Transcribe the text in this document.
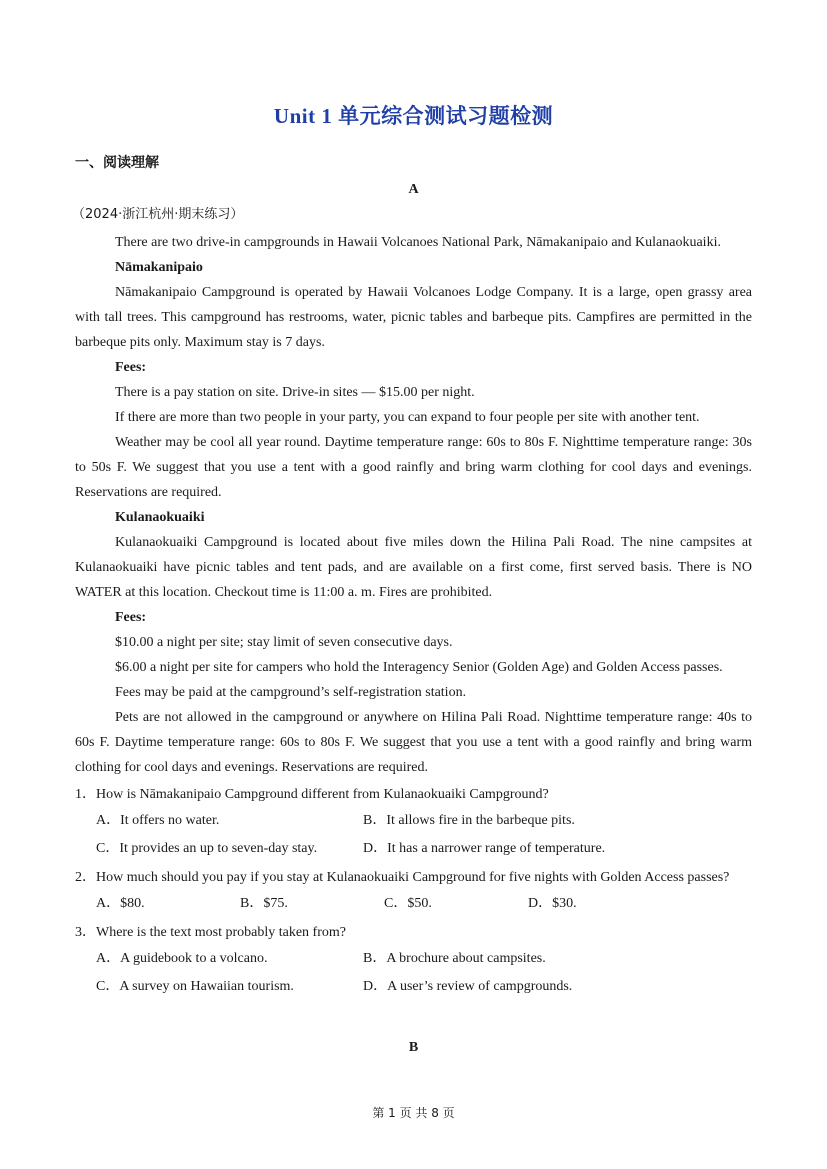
Unit 1 单元综合测试习题检测
一、阅读理解
A
（2024·浙江杭州·期末练习）

There are two drive-in campgrounds in Hawaii Volcanoes National Park, Nāmakanipaio and Kulanaokuaiki.

Nāmakanipaio

Nāmakanipaio Campground is operated by Hawaii Volcanoes Lodge Company. It is a large, open grassy area with tall trees. This campground has restrooms, water, picnic tables and barbeque pits. Campfires are permitted in the barbeque pits only. Maximum stay is 7 days.

Fees:

There is a pay station on site. Drive-in sites — $15.00 per night.

If there are more than two people in your party, you can expand to four people per site with another tent.

Weather may be cool all year round. Daytime temperature range: 60s to 80s F. Nighttime temperature range: 30s to 50s F. We suggest that you use a tent with a good rainfly and bring warm clothing for cool days and evenings. Reservations are required.

Kulanaokuaiki

Kulanaokuaiki Campground is located about five miles down the Hilina Pali Road. The nine campsites at Kulanaokuaiki have picnic tables and tent pads, and are available on a first come, first served basis. There is NO WATER at this location. Checkout time is 11:00 a. m. Fires are prohibited.

Fees:

$10.00 a night per site; stay limit of seven consecutive days.

$6.00 a night per site for campers who hold the Interagency Senior (Golden Age) and Golden Access passes.

Fees may be paid at the campground’s self-registration station.

Pets are not allowed in the campground or anywhere on Hilina Pali Road. Nighttime temperature range: 40s to 60s F. Daytime temperature range: 60s to 80s F. We suggest that you use a tent with a good rainfly and bring warm clothing for cool days and evenings. Reservations are required.

1．How is Nāmakanipaio Campground different from Kulanaokuaiki Campground?
A．It offers no water.	B．It allows fire in the barbeque pits.
C．It provides an up to seven-day stay.	D．It has a narrower range of temperature.
2．How much should you pay if you stay at Kulanaokuaiki Campground for five nights with Golden Access passes?
A．$80.	B．$75.	C．$50.	D．$30.
3．Where is the text most probably taken from?
A．A guidebook to a volcano.	B．A brochure about campsites.
C．A survey on Hawaiian tourism.	D．A user’s review of campgrounds.
B
第 1 页 共 8 页
